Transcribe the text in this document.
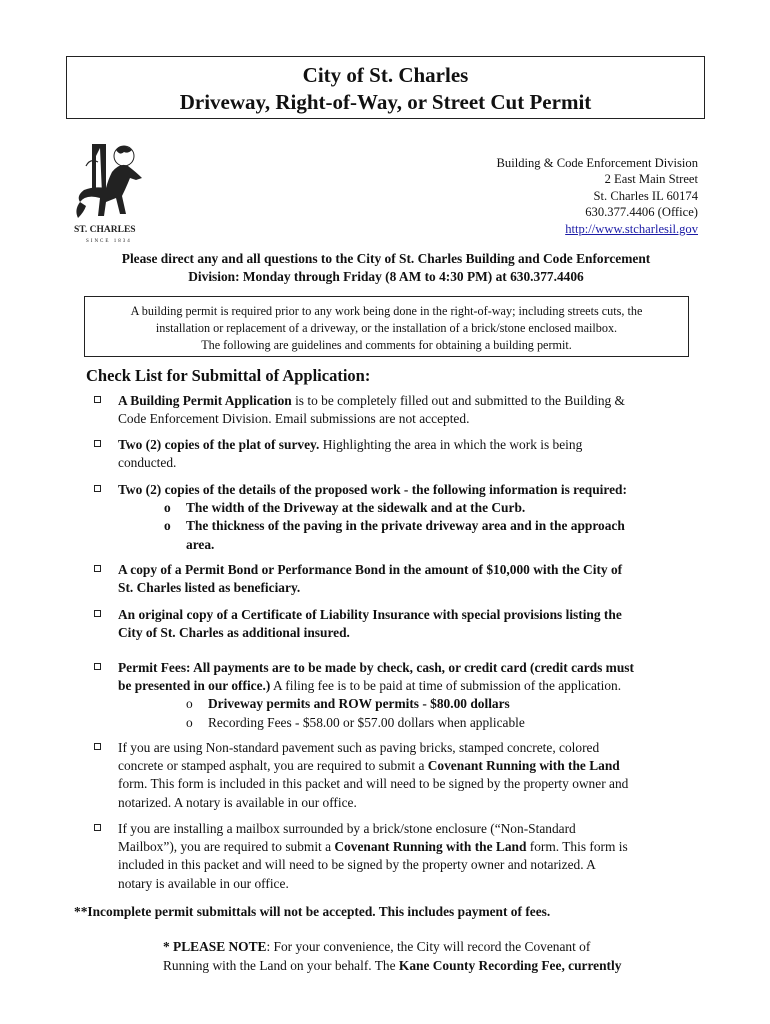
City of St. Charles
Driveway, Right-of-Way, or Street Cut Permit
ST. CHARLES
SINCE 1834
Building & Code Enforcement Division
2 East Main Street
St. Charles IL 60174
630.377.4406 (Office)
http://www.stcharlesil.gov
Please direct any and all questions to the City of St. Charles Building and Code Enforcement
Division: Monday through Friday (8 AM to 4:30 PM) at 630.377.4406
A building permit is required prior to any work being done in the right-of-way; including streets cuts, the
installation or replacement of a driveway, or the installation of a brick/stone enclosed mailbox.
The following are guidelines and comments for obtaining a building permit.
Check List for Submittal of Application:
A Building Permit Application is to be completely filled out and submitted to the Building &
Code Enforcement Division. Email submissions are not accepted.
Two (2) copies of the plat of survey. Highlighting the area in which the work is being
conducted.
Two (2) copies of the details of the proposed work - the following information is required:
o The width of the Driveway at the sidewalk and at the Curb.
o The thickness of the paving in the private driveway area and in the approach
area.
A copy of a Permit Bond or Performance Bond in the amount of $10,000 with the City of
St. Charles listed as beneficiary.
An original copy of a Certificate of Liability Insurance with special provisions listing the
City of St. Charles as additional insured.
Permit Fees: All payments are to be made by check, cash, or credit card (credit cards must
be presented in our office.) A filing fee is to be paid at time of submission of the application.
o Driveway permits and ROW permits - $80.00 dollars
o Recording Fees - $58.00 or $57.00 dollars when applicable
If you are using Non-standard pavement such as paving bricks, stamped concrete, colored
concrete or stamped asphalt, you are required to submit a Covenant Running with the Land
form. This form is included in this packet and will need to be signed by the property owner and
notarized. A notary is available in our office.
If you are installing a mailbox surrounded by a brick/stone enclosure (“Non-Standard
Mailbox”), you are required to submit a Covenant Running with the Land form. This form is
included in this packet and will need to be signed by the property owner and notarized. A
notary is available in our office.
**Incomplete permit submittals will not be accepted. This includes payment of fees.
* PLEASE NOTE: For your convenience, the City will record the Covenant of
Running with the Land on your behalf. The Kane County Recording Fee, currently
